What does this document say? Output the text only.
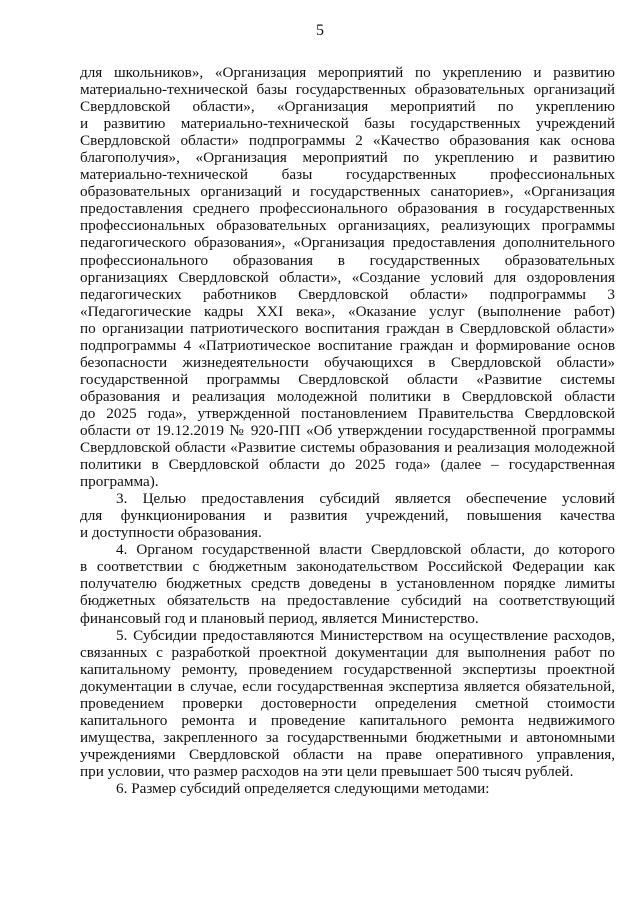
5
для школьников», «Организация мероприятий по укреплению и развитию
материально-технической базы государственных образовательных организаций
Свердловской области», «Организация мероприятий по укреплению
и развитию материально-технической базы государственных учреждений
Свердловской области» подпрограммы 2 «Качество образования как основа
благополучия», «Организация мероприятий по укреплению и развитию
материально-технической базы государственных профессиональных
образовательных организаций и государственных санаториев», «Организация
предоставления среднего профессионального образования в государственных
профессиональных образовательных организациях, реализующих программы
педагогического образования», «Организация предоставления дополнительного
профессионального образования в государственных образовательных
организациях Свердловской области», «Создание условий для оздоровления
педагогических работников Свердловской области» подпрограммы 3
«Педагогические кадры XXI века», «Оказание услуг (выполнение работ)
по организации патриотического воспитания граждан в Свердловской области»
подпрограммы 4 «Патриотическое воспитание граждан и формирование основ
безопасности жизнедеятельности обучающихся в Свердловской области»
государственной программы Свердловской области «Развитие системы
образования и реализация молодежной политики в Свердловской области
до 2025 года», утвержденной постановлением Правительства Свердловской
области от 19.12.2019 № 920-ПП «Об утверждении государственной программы
Свердловской области «Развитие системы образования и реализация молодежной
политики в Свердловской области до 2025 года» (далее – государственная
программа).
3. Целью предоставления субсидий является обеспечение условий
для функционирования и развития учреждений, повышения качества
и доступности образования.
4. Органом государственной власти Свердловской области, до которого
в соответствии с бюджетным законодательством Российской Федерации как
получателю бюджетных средств доведены в установленном порядке лимиты
бюджетных обязательств на предоставление субсидий на соответствующий
финансовый год и плановый период, является Министерство.
5. Субсидии предоставляются Министерством на осуществление расходов,
связанных с разработкой проектной документации для выполнения работ по
капитальному ремонту, проведением государственной экспертизы проектной
документации в случае, если государственная экспертиза является обязательной,
проведением проверки достоверности определения сметной стоимости
капитального ремонта и проведение капитального ремонта недвижимого
имущества, закрепленного за государственными бюджетными и автономными
учреждениями Свердловской области на праве оперативного управления,
при условии, что размер расходов на эти цели превышает 500 тысяч рублей.
6. Размер субсидий определяется следующими методами:
